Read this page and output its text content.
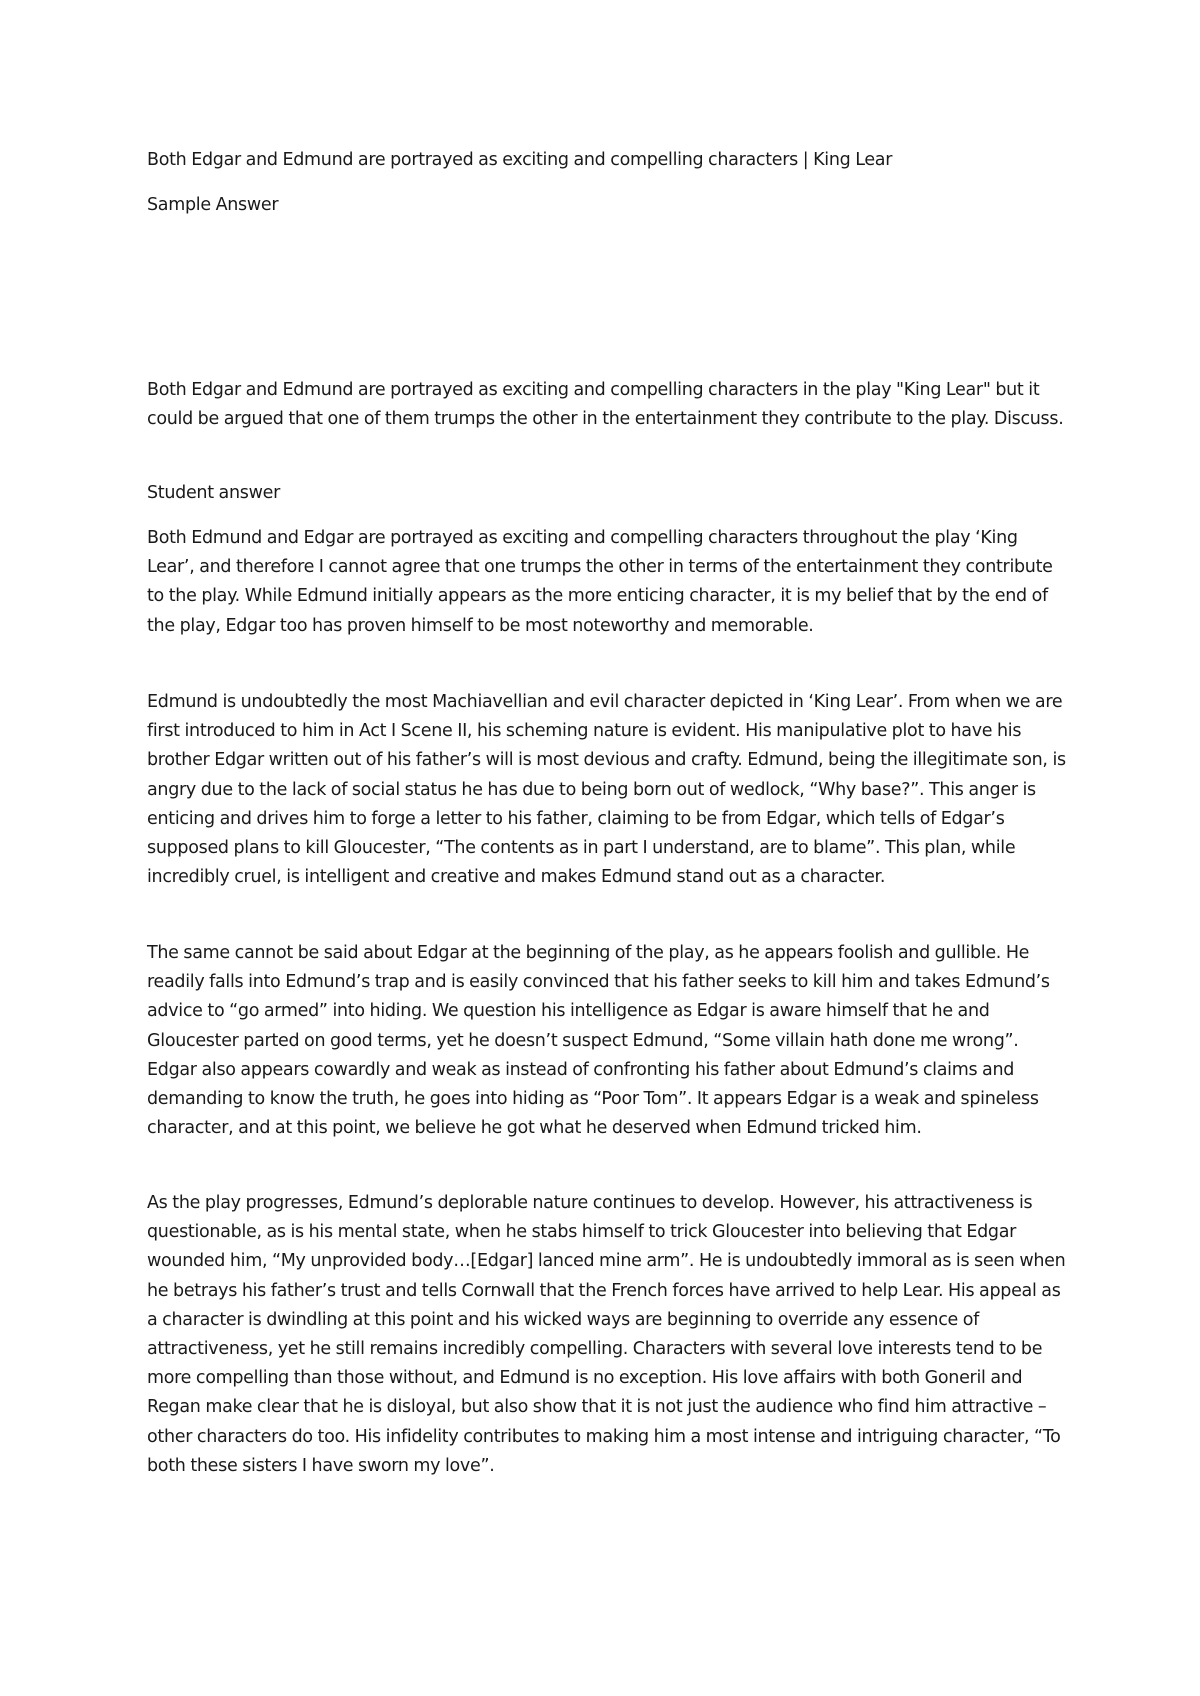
Both Edgar and Edmund are portrayed as exciting and compelling characters | King Lear

Sample Answer

Both Edgar and Edmund are portrayed as exciting and compelling characters in the play "King Lear" but it could be argued that one of them trumps the other in the entertainment they contribute to the play. Discuss.

Student answer

Both Edmund and Edgar are portrayed as exciting and compelling characters throughout the play ‘King Lear’, and therefore I cannot agree that one trumps the other in terms of the entertainment they contribute to the play. While Edmund initially appears as the more enticing character, it is my belief that by the end of the play, Edgar too has proven himself to be most noteworthy and memorable.

Edmund is undoubtedly the most Machiavellian and evil character depicted in ‘King Lear’. From when we are first introduced to him in Act I Scene II, his scheming nature is evident. His manipulative plot to have his brother Edgar written out of his father’s will is most devious and crafty. Edmund, being the illegitimate son, is angry due to the lack of social status he has due to being born out of wedlock, “Why base?”. This anger is enticing and drives him to forge a letter to his father, claiming to be from Edgar, which tells of Edgar’s supposed plans to kill Gloucester, “The contents as in part I understand, are to blame”. This plan, while incredibly cruel, is intelligent and creative and makes Edmund stand out as a character.

The same cannot be said about Edgar at the beginning of the play, as he appears foolish and gullible. He readily falls into Edmund’s trap and is easily convinced that his father seeks to kill him and takes Edmund’s advice to “go armed” into hiding. We question his intelligence as Edgar is aware himself that he and Gloucester parted on good terms, yet he doesn’t suspect Edmund, “Some villain hath done me wrong”. Edgar also appears cowardly and weak as instead of confronting his father about Edmund’s claims and demanding to know the truth, he goes into hiding as “Poor Tom”. It appears Edgar is a weak and spineless character, and at this point, we believe he got what he deserved when Edmund tricked him.

As the play progresses, Edmund’s deplorable nature continues to develop. However, his attractiveness is questionable, as is his mental state, when he stabs himself to trick Gloucester into believing that Edgar wounded him, “My unprovided body…[Edgar] lanced mine arm”. He is undoubtedly immoral as is seen when he betrays his father’s trust and tells Cornwall that the French forces have arrived to help Lear. His appeal as a character is dwindling at this point and his wicked ways are beginning to override any essence of attractiveness, yet he still remains incredibly compelling. Characters with several love interests tend to be more compelling than those without, and Edmund is no exception. His love affairs with both Goneril and Regan make clear that he is disloyal, but also show that it is not just the audience who find him attractive – other characters do too. His infidelity contributes to making him a most intense and intriguing character, “To both these sisters I have sworn my love”.
